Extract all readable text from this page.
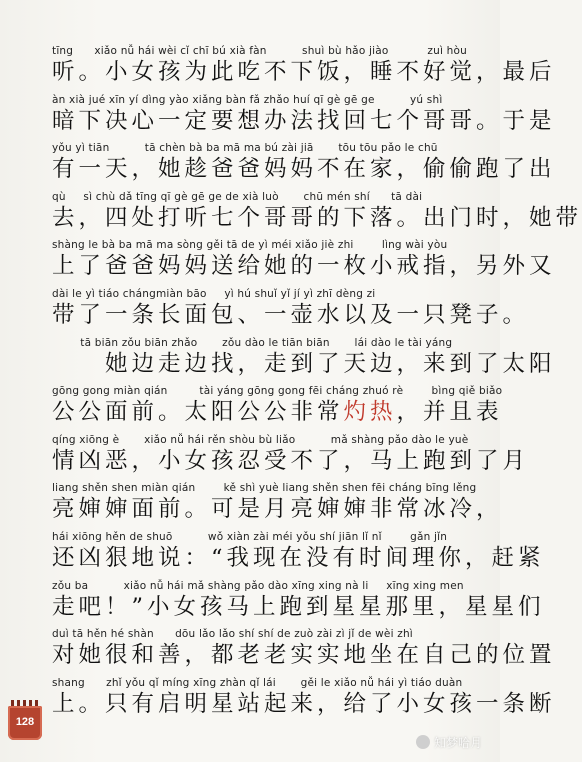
tīng      xiǎo nǚ hái wèi cǐ chī bú xià fàn          shuì bù hǎo jiào           zuì hòu
听。小女孩为此吃不下饭，睡不好觉，最后
àn xià jué xīn yí dìng yào xiǎng bàn fǎ zhǎo huí qī gè gē ge          yú shì
暗下决心一定要想办法找回七个哥哥。于是
yǒu yì tiān          tā chèn bà ba mā ma bú zài jiā       tōu tōu pǎo le chū
有一天，她趁爸爸妈妈不在家，偷偷跑了出
qù     sì chù dǎ tīng qī gè gē ge de xià luò       chū mén shí      tā dài
去，四处打听七个哥哥的下落。出门时，她带
shàng le bà ba mā ma sòng gěi tā de yì méi xiǎo jiè zhi        lìng wài yòu
上了爸爸妈妈送给她的一枚小戒指，另外又
dài le yì tiáo chángmiàn bāo     yì hú shuǐ yǐ jí yì zhī dèng zi
带了一条长面包、一壶水以及一只凳子。
tā biān zǒu biān zhǎo       zǒu dào le tiān biān       lái dào le tài yáng
　　她边走边找，走到了天边，来到了太阳
gōng gong miàn qián         tài yáng gōng gong fēi cháng zhuó rè        bìng qiě biǎo
公公面前。太阳公公非常灼热，并且表
qíng xiōng è       xiǎo nǚ hái rěn shòu bù liǎo          mǎ shàng pǎo dào le yuè
情凶恶，小女孩忍受不了，马上跑到了月
liang shěn shen miàn qián        kě shì yuè liang shěn shen fēi cháng bīng lěng
亮婶婶面前。可是月亮婶婶非常冰冷，
hái xiōng hěn de shuō          wǒ xiàn zài méi yǒu shí jiān lǐ nǐ        gǎn jǐn
还凶狠地说：“我现在没有时间理你，赶紧
zǒu ba          xiǎo nǚ hái mǎ shàng pǎo dào xīng xing nà li     xīng xing men
走吧！”小女孩马上跑到星星那里，星星们
duì tā hěn hé shàn      dōu lǎo lǎo shí shí de zuò zài zì jǐ de wèi zhì
对她很和善，都老老实实地坐在自己的位置
shang      zhǐ yǒu qǐ míng xīng zhàn qǐ lái       gěi le xiǎo nǚ hái yì tiáo duàn
上。只有启明星站起来，给了小女孩一条断
128
知梦哈月
